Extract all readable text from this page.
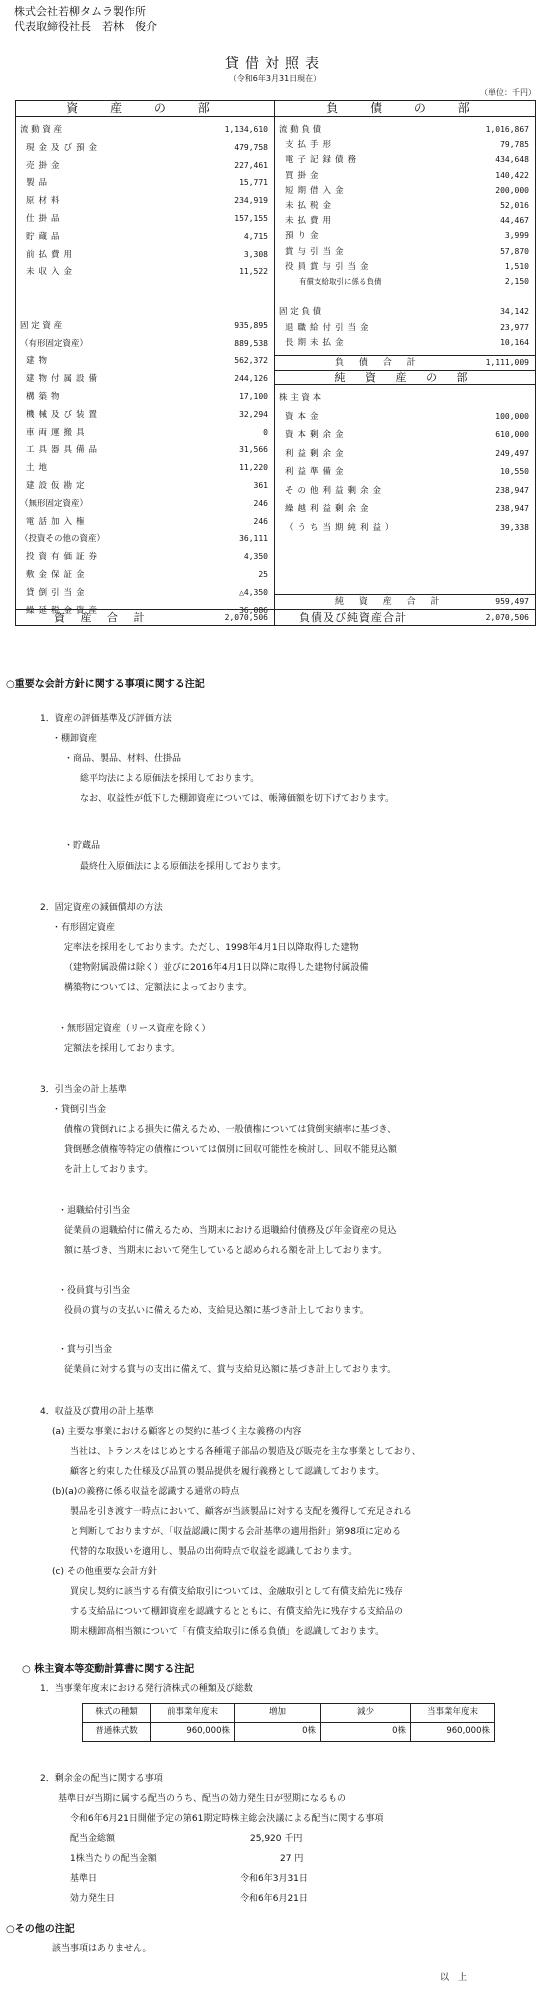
株式会社若柳タムラ製作所
代表取締役社長　若林　俊介
貸借対照表
（令和6年3月31日現在）
（単位：千円）
資 産 の 部
流 動 資 産	1,134,610
現金及び預金	479,758
売掛金	227,461
製品	15,771
原材料	234,919
仕掛品	157,155
貯蔵品	4,715
前払費用	3,308
未収入金	11,522
固 定 資 産	935,895
（有形固定資産）	889,538
建物	562,372
建物付属設備	244,126
構築物	17,100
機械及び装置	32,294
車両運搬具	0
工具器具備品	31,566
土地	11,220
建設仮勘定	361
（無形固定資産）	246
電話加入権	246
（投資その他の資産）	36,111
投資有価証券	4,350
敷金保証金	25
貸倒引当金	△4,350
繰延税金資産	36,086
資 産 合 計	2,070,506
負 債 の 部
流 動 負 債	1,016,867
支払手形	79,785
電子記録債務	434,648
買掛金	140,422
短期借入金	200,000
未払税金	52,016
未払費用	44,467
預り金	3,999
賞与引当金	57,870
役員賞与引当金	1,510
有償支給取引に係る負債	2,150
固 定 負 債	34,142
退職給付引当金	23,977
長期未払金	10,164
負 債 合 計	1,111,009
純 資 産 の 部
株 主 資 本
資本金	100,000
資本剰余金	610,000
利益剰余金	249,497
利益準備金	10,550
その他利益剰余金	238,947
繰越利益剰余金	238,947
（うち当期純利益）	39,338
純 資 産 合 計	959,497
負債及び純資産合計	2,070,506
○重要な会計方針に関する事項に関する注記
1．資産の評価基準及び評価方法
・棚卸資産
・商品、製品、材料、仕掛品
総平均法による原価法を採用しております。
なお、収益性が低下した棚卸資産については、帳簿価額を切下げております。
・貯蔵品
最終仕入原価法による原価法を採用しております。
2．固定資産の減価償却の方法
・有形固定資産
定率法を採用をしております。ただし、1998年4月1日以降取得した建物
（建物附属設備は除く）並びに2016年4月1日以降に取得した建物付属設備
構築物については、定額法によっております。
・無形固定資産（リース資産を除く）
定額法を採用しております。
3．引当金の計上基準
・貸倒引当金
債権の貸倒れによる損失に備えるため、一般債権については貸倒実績率に基づき、
貸倒懸念債権等特定の債権については個別に回収可能性を検討し、回収不能見込額
を計上しております。
・退職給付引当金
従業員の退職給付に備えるため、当期末における退職給付債務及び年金資産の見込
額に基づき、当期末において発生していると認められる額を計上しております。
・役員賞与引当金
役員の賞与の支払いに備えるため、支給見込額に基づき計上しております。
・賞与引当金
従業員に対する賞与の支出に備えて、賞与支給見込額に基づき計上しております。
4．収益及び費用の計上基準
(a) 主要な事業における顧客との契約に基づく主な義務の内容
当社は、トランスをはじめとする各種電子部品の製造及び販売を主な事業としており、
顧客と約束した仕様及び品質の製品提供を履行義務として認識しております。
(b)(a)の義務に係る収益を認識する通常の時点
製品を引き渡す一時点において、顧客が当該製品に対する支配を獲得して充足される
と判断しておりますが、「収益認識に関する会計基準の適用指針」第98項に定める
代替的な取扱いを適用し、製品の出荷時点で収益を認識しております。
(c) その他重要な会計方針
買戻し契約に該当する有償支給取引については、金融取引として有償支給先に残存
する支給品について棚卸資産を認識するとともに、有償支給先に残存する支給品の
期末棚卸高相当額について「有償支給取引に係る負債」を認識しております。
○ 株主資本等変動計算書に関する注記
1．当事業年度末における発行済株式の種類及び総数
株式の種類	前事業年度末	増加	減少	当事業年度末
普通株式数	960,000株	0株	0株	960,000株
2．剰余金の配当に関する事項
基準日が当期に属する配当のうち、配当の効力発生日が翌期になるもの
令和6年6月21日開催予定の第61期定時株主総会決議による配当に関する事項
配当金総額	25,920 千円
1株当たりの配当金額	27 円
基準日	令和6年3月31日
効力発生日	令和6年6月21日
○その他の注記
該当事項はありません。
以　上
